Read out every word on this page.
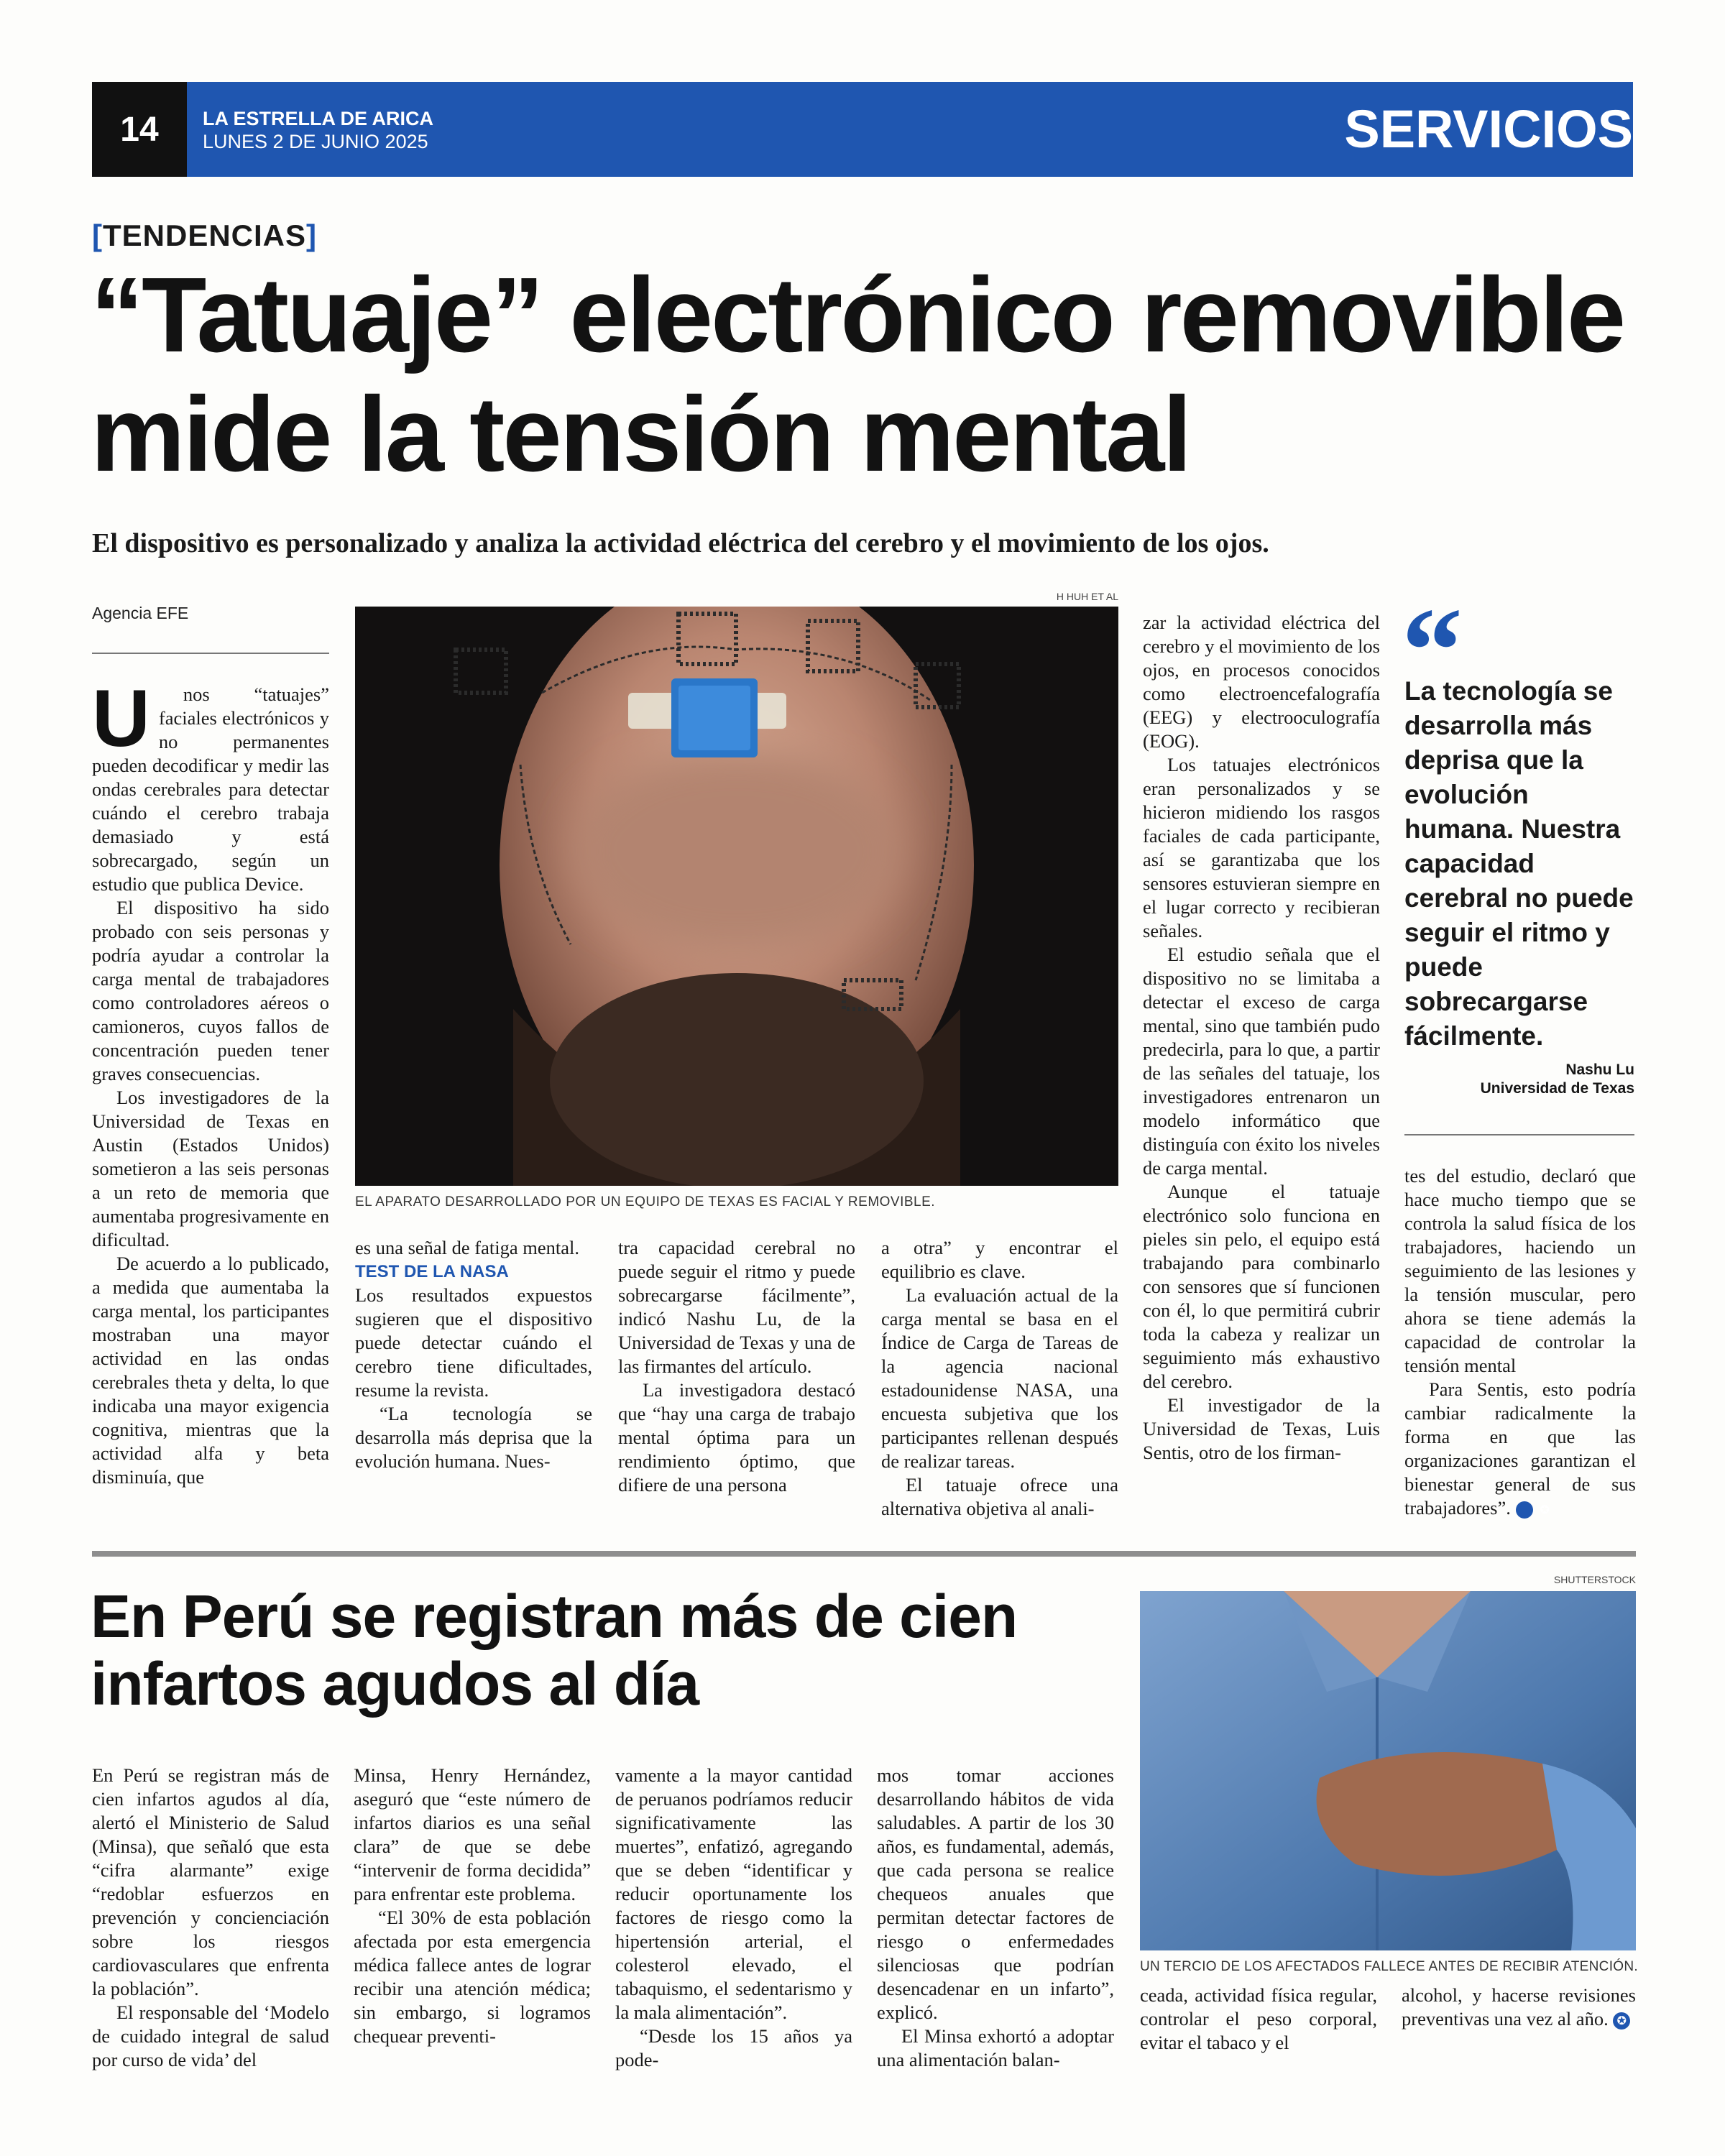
14	LA ESTRELLA DE ARICA
LUNES 2 DE JUNIO 2025	SERVICIOS
[TENDENCIAS]
“Tatuaje” electrónico removible
mide la tensión mental
El dispositivo es personalizado y analiza la actividad eléctrica del cerebro y el movimiento de los ojos.
Agencia EFE

U nos “tatuajes” faciales electrónicos y no permanentes pueden decodificar y medir las ondas cerebrales para detectar cuándo el cerebro trabaja demasiado y está sobrecargado, según un estudio que publica Device.

El dispositivo ha sido probado con seis personas y podría ayudar a controlar la carga mental de trabajadores como controladores aéreos o camioneros, cuyos fallos de concentración pueden tener graves consecuencias.

Los investigadores de la Universidad de Texas en Austin (Estados Unidos) sometieron a las seis personas a un reto de memoria que aumentaba progresivamente en dificultad.

De acuerdo a lo publicado, a medida que aumentaba la carga mental, los participantes mostraban una mayor actividad en las ondas cerebrales theta y delta, lo que indicaba una mayor exigencia cognitiva, mientras que la actividad alfa y beta disminuía, que

H HUH ET AL
EL APARATO DESARROLLADO POR UN EQUIPO DE TEXAS ES FACIAL Y REMOVIBLE.

es una señal de fatiga mental.

TEST DE LA NASA

Los resultados expuestos sugieren que el dispositivo puede detectar cuándo el cerebro tiene dificultades, resume la revista.

“La tecnología se desarrolla más deprisa que la evolución humana. Nues-

tra capacidad cerebral no puede seguir el ritmo y puede sobrecargarse fácilmente”, indicó Nashu Lu, de la Universidad de Texas y una de las firmantes del artículo.

La investigadora destacó que “hay una carga de trabajo mental óptima para un rendimiento óptimo, que difiere de una persona

a otra” y encontrar el equilibrio es clave.

La evaluación actual de la carga mental se basa en el Índice de Carga de Tareas de la agencia nacional estadounidense NASA, una encuesta subjetiva que los participantes rellenan después de realizar tareas.

El tatuaje ofrece una alternativa objetiva al anali-

zar la actividad eléctrica del cerebro y el movimiento de los ojos, en procesos conocidos como electroencefalografía (EEG) y electrooculografía (EOG).

Los tatuajes electrónicos eran personalizados y se hicieron midiendo los rasgos faciales de cada participante, así se garantizaba que los sensores estuvieran siempre en el lugar correcto y recibieran señales.

El estudio señala que el dispositivo no se limitaba a detectar el exceso de carga mental, sino que también pudo predecirla, para lo que, a partir de las señales del tatuaje, los investigadores entrenaron un modelo informático que distinguía con éxito los niveles de carga mental.

Aunque el tatuaje electrónico solo funciona en pieles sin pelo, el equipo está trabajando para combinarlo con sensores que sí funcionen con él, lo que permitirá cubrir toda la cabeza y realizar un seguimiento más exhaustivo del cerebro.

El investigador de la Universidad de Texas, Luis Sentis, otro de los firman-

“
La tecnología se desarrolla más deprisa que la evolución humana. Nuestra capacidad cerebral no puede seguir el ritmo y puede sobrecargarse fácilmente.
Nashu Lu
Universidad de Texas

tes del estudio, declaró que hace mucho tiempo que se controla la salud física de los trabajadores, haciendo un seguimiento de las lesiones y la tensión muscular, pero ahora se tiene además la capacidad de controlar la tensión mental

Para Sentis, esto podría cambiar radicalmente la forma en que las organizaciones garantizan el bienestar general de sus trabajadores”.	✪

En Perú se registran más de cien
infartos agudos al día
SHUTTERSTOCK
UN TERCIO DE LOS AFECTADOS FALLECE ANTES DE RECIBIR ATENCIÓN.

En Perú se registran más de cien infartos agudos al día, alertó el Ministerio de Salud (Minsa), que señaló que esta “cifra alarmante” exige “redoblar esfuerzos en prevención y concienciación sobre los riesgos cardiovasculares que enfrenta la población”.

El responsable del ‘Modelo de cuidado integral de salud por curso de vida’ del

Minsa, Henry Hernández, aseguró que “este número de infartos diarios es una señal clara” de que se debe “intervenir de forma decidida” para enfrentar este problema.

“El 30% de esta población afectada por esta emergencia médica fallece antes de lograr recibir una atención médica; sin embargo, si logramos chequear preventi-

vamente a la mayor cantidad de peruanos podríamos reducir significativamente las muertes”, enfatizó, agregando que se deben “identificar y reducir oportunamente los factores de riesgo como la hipertensión arterial, el colesterol elevado, el tabaquismo, el sedentarismo y la mala alimentación”.

“Desde los 15 años ya pode-

mos tomar acciones desarrollando hábitos de vida saludables. A partir de los 30 años, es fundamental, además, que cada persona se realice chequeos anuales que permitan detectar factores de riesgo o enfermedades silenciosas que podrían desencadenar en un infarto”, explicó.

El Minsa exhortó a adoptar una alimentación balan-

ceada, actividad física regular, controlar el peso corporal, evitar el tabaco y el

alcohol, y hacerse revisiones preventivas una vez al año. ✪
